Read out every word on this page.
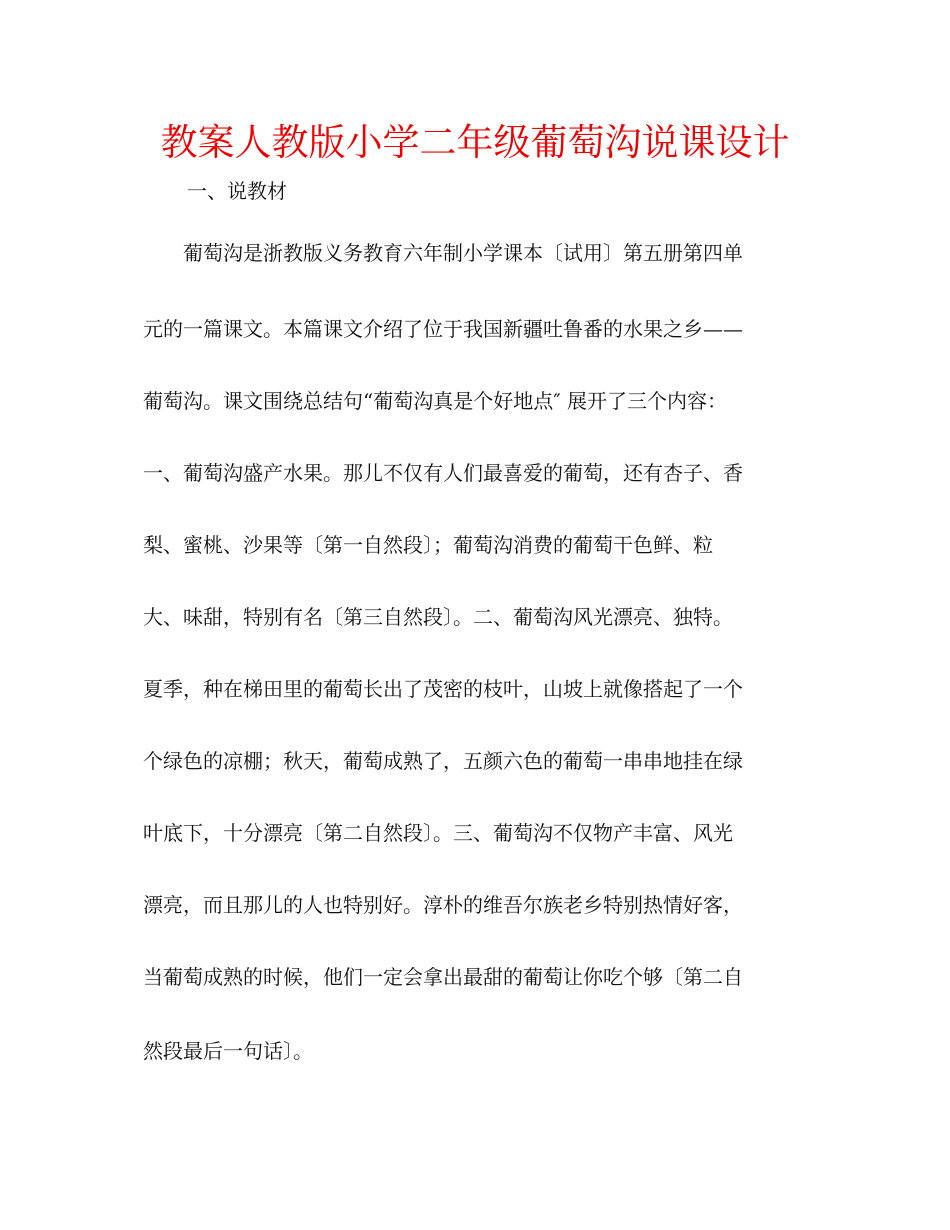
教案人教版小学二年级葡萄沟说课设计
一、说教材
　　葡萄沟是浙教版义务教育六年制小学课本〔试用〕第五册第四单
元的一篇课文。本篇课文介绍了位于我国新疆吐鲁番的水果之乡——
葡萄沟。课文围绕总结句“葡萄沟真是个好地点″ 展开了三个内容：
一、葡萄沟盛产水果。那儿不仅有人们最喜爱的葡萄，还有杏子、香
梨、蜜桃、沙果等〔第一自然段〕；葡萄沟消费的葡萄干色鲜、粒
大、味甜，特别有名〔第三自然段〕。二、葡萄沟风光漂亮、独特。
夏季，种在梯田里的葡萄长出了茂密的枝叶，山坡上就像搭起了一个
个绿色的凉棚；秋天，葡萄成熟了，五颜六色的葡萄一串串地挂在绿
叶底下，十分漂亮〔第二自然段〕。三、葡萄沟不仅物产丰富、风光
漂亮，而且那儿的人也特别好。淳朴的维吾尔族老乡特别热情好客，
当葡萄成熟的时候，他们一定会拿出最甜的葡萄让你吃个够〔第二自
然段最后一句话〕。
